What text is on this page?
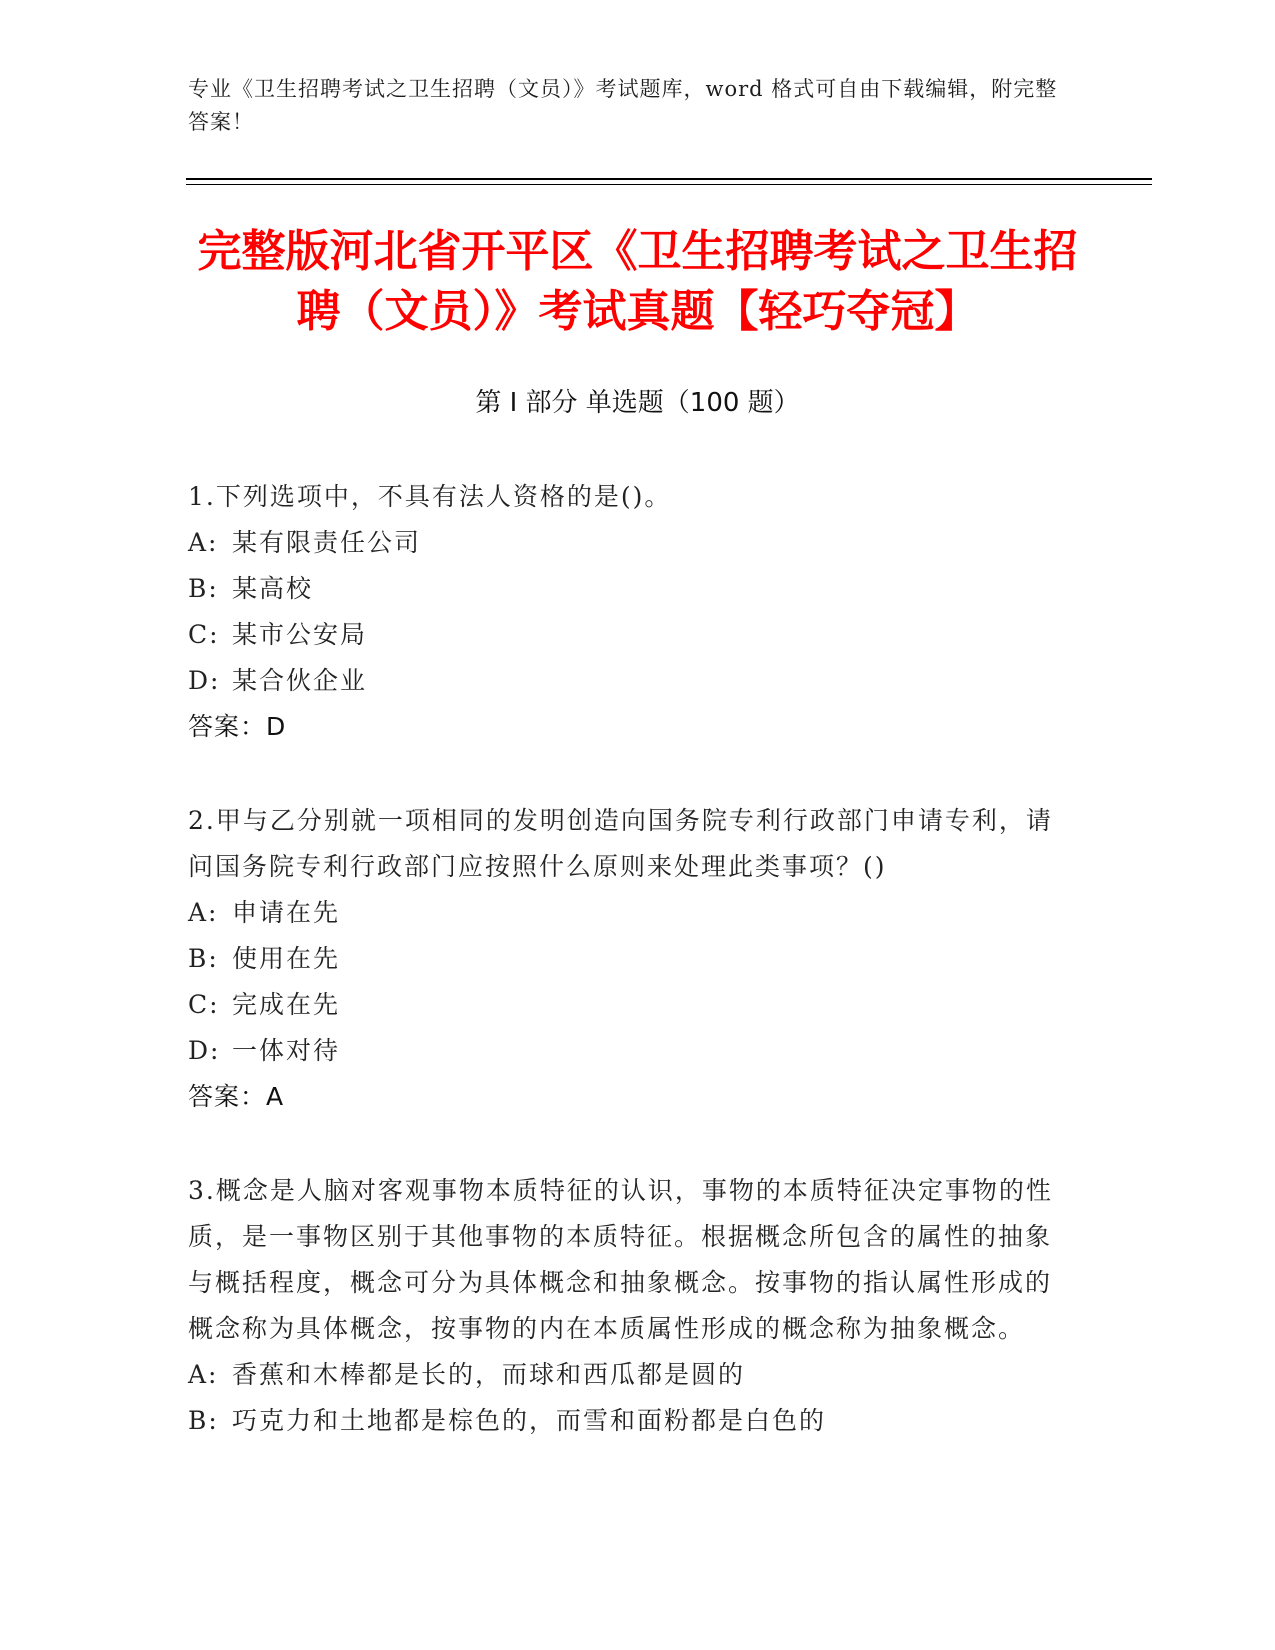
专业《卫生招聘考试之卫生招聘（文员）》考试题库，word 格式可自由下载编辑，附完整答案！
完整版河北省开平区《卫生招聘考试之卫生招聘（文员）》考试真题【轻巧夺冠】
第 I 部分 单选题（100 题）
1.下列选项中，不具有法人资格的是()。
A: 某有限责任公司
B: 某高校
C: 某市公安局
D: 某合伙企业
答案：D
2.甲与乙分别就一项相同的发明创造向国务院专利行政部门申请专利，请问国务院专利行政部门应按照什么原则来处理此类事项？()
A: 申请在先
B: 使用在先
C: 完成在先
D: 一体对待
答案：A
3.概念是人脑对客观事物本质特征的认识，事物的本质特征决定事物的性质，是一事物区别于其他事物的本质特征。根据概念所包含的属性的抽象与概括程度，概念可分为具体概念和抽象概念。按事物的指认属性形成的概念称为具体概念，按事物的内在本质属性形成的概念称为抽象概念。
A: 香蕉和木棒都是长的，而球和西瓜都是圆的
B: 巧克力和土地都是棕色的，而雪和面粉都是白色的
